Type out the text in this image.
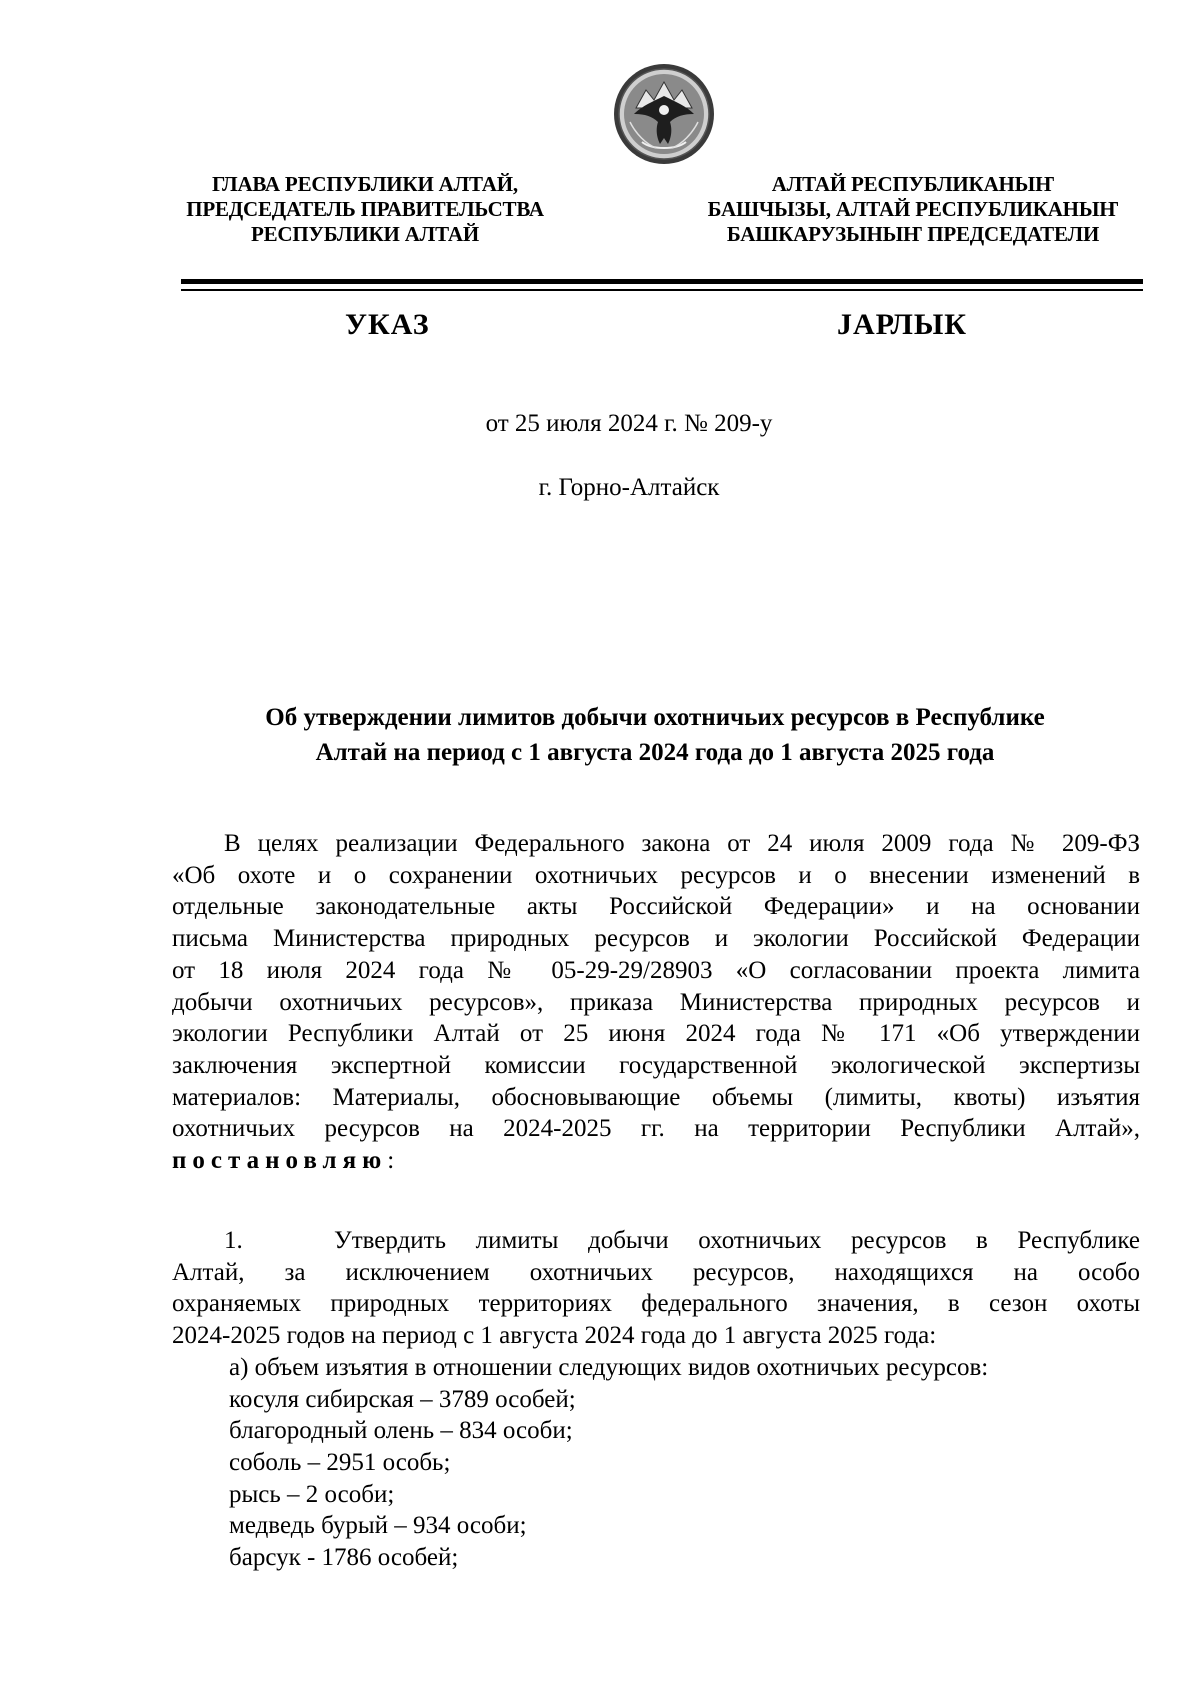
ГЛАВА РЕСПУБЛИКИ АЛТАЙ,
ПРЕДСЕДАТЕЛЬ ПРАВИТЕЛЬСТВА
РЕСПУБЛИКИ АЛТАЙ
АЛТАЙ РЕСПУБЛИКАНЫҤ
БАШЧЫЗЫ, АЛТАЙ РЕСПУБЛИКАНЫҤ
БАШКАРУЗЫНЫҤ ПРЕДСЕДАТЕЛИ
УКАЗ	JАРЛЫК
от 25 июля 2024 г. № 209-у
г. Горно-Алтайск
Об утверждении лимитов добычи охотничьих ресурсов в Республике
Алтай на период с 1 августа 2024 года до 1 августа 2025 года
В целях реализации Федерального закона от 24 июля 2009 года № 209-ФЗ
«Об охоте и о сохранении охотничьих ресурсов и о внесении изменений в
отдельные законодательные акты Российской Федерации» и на основании
письма Министерства природных ресурсов и экологии Российской Федерации
от 18 июля 2024 года № 05-29-29/28903 «О согласовании проекта лимита
добычи охотничьих ресурсов», приказа Министерства природных ресурсов и
экологии Республики Алтай от 25 июня 2024 года № 171 «Об утверждении
заключения экспертной комиссии государственной экологической экспертизы
материалов: Материалы, обосновывающие объемы (лимиты, квоты) изъятия
охотничьих ресурсов на 2024-2025 гг. на территории Республики Алтай»,
постановляю:
1.	Утвердить лимиты добычи охотничьих ресурсов в Республике
Алтай, за исключением охотничьих ресурсов, находящихся на особо
охраняемых природных территориях федерального значения, в сезон охоты
2024-2025 годов на период с 1 августа 2024 года до 1 августа 2025 года:
а) объем изъятия в отношении следующих видов охотничьих ресурсов:
косуля сибирская – 3789 особей;
благородный олень – 834 особи;
соболь – 2951 особь;
рысь – 2 особи;
медведь бурый – 934 особи;
барсук - 1786 особей;
